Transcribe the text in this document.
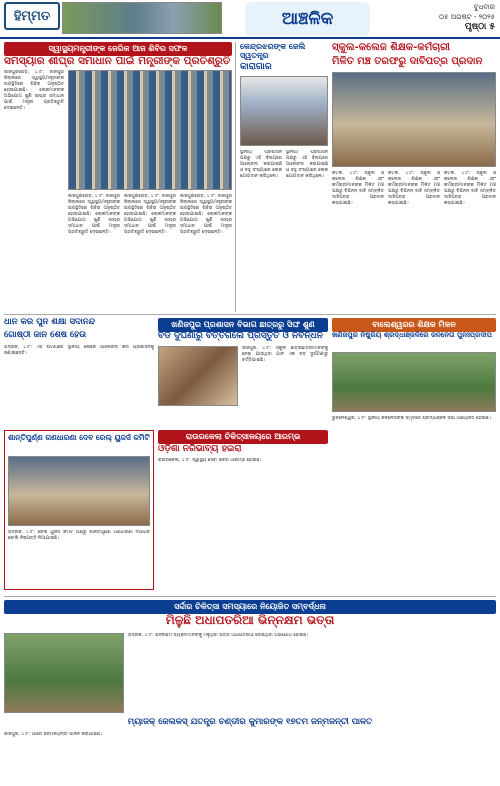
ହିମ୍ମତ	ଆଞ୍ଚଳିକ
ବୁଧବାର
୦୫ ଅଗଷ୍ଟ ‐ ୨୦୨୫
ପୃଷ୍ଠା ୫
ସ୍ୱାସ୍ଥ୍ୟମନ୍ତ୍ରୀଙ୍କ ଜେରିକ ଆଜ ଶିବିର ସଫଳ
ସମସ୍ୟାର ଶୀଘ୍ର ସମାଧାନ ପାଇଁ ମନ୍ତ୍ରୀଙ୍କ ପ୍ରତିଶ୍ରୁତି
ଜାଜପୁରରୋଡ଼, ୪।୮: ଜାଜପୁର ଜିଲ୍ଲାରେ ସ୍ୱାସ୍ଥ୍ୟମନ୍ତ୍ରୀଙ୍କ ଉପସ୍ଥିତିରେ ଶିବିର ଅନୁଷ୍ଠିତ ହୋଇଯାଇଛି। ଲୋକମାନଙ୍କ ଅଭିଯୋଗ ଶୁଣି ଶୀଘ୍ର ସମାଧାନ ପାଇଁ ମନ୍ତ୍ରୀ ପ୍ରତିଶ୍ରୁତି ଦେଇଛନ୍ତି।
ଜାଜପୁରରୋଡ଼, ୪।୮: ଜାଜପୁର ଜିଲ୍ଲାରେ ସ୍ୱାସ୍ଥ୍ୟମନ୍ତ୍ରୀଙ୍କ ଉପସ୍ଥିତିରେ ଶିବିର ଅନୁଷ୍ଠିତ ହୋଇଯାଇଛି। ଲୋକମାନଙ୍କ ଅଭିଯୋଗ ଶୁଣି ଶୀଘ୍ର ସମାଧାନ ପାଇଁ ମନ୍ତ୍ରୀ ପ୍ରତିଶ୍ରୁତି ଦେଇଛନ୍ତି।
ଜାଜପୁରରୋଡ଼, ୪।୮: ଜାଜପୁର ଜିଲ୍ଲାରେ ସ୍ୱାସ୍ଥ୍ୟମନ୍ତ୍ରୀଙ୍କ ଉପସ୍ଥିତିରେ ଶିବିର ଅନୁଷ୍ଠିତ ହୋଇଯାଇଛି। ଲୋକମାନଙ୍କ ଅଭିଯୋଗ ଶୁଣି ଶୀଘ୍ର ସମାଧାନ ପାଇଁ ମନ୍ତ୍ରୀ ପ୍ରତିଶ୍ରୁତି ଦେଇଛନ୍ତି।
ଜାଜପୁରରୋଡ଼, ୪।୮: ଜାଜପୁର ଜିଲ୍ଲାରେ ସ୍ୱାସ୍ଥ୍ୟମନ୍ତ୍ରୀଙ୍କ ଉପସ୍ଥିତିରେ ଶିବିର ଅନୁଷ୍ଠିତ ହୋଇଯାଇଛି। ଲୋକମାନଙ୍କ ଅଭିଯୋଗ ଶୁଣି ଶୀଘ୍ର ସମାଧାନ ପାଇଁ ମନ୍ତ୍ରୀ ପ୍ରତିଶ୍ରୁତି ଦେଇଛନ୍ତି।
କେନ୍ଦ୍ରଝରଙ୍କ ଜେଲି ସ୍ୱତନ୍ତ୍ର
କାରାଗାର
ସ୍ଥାନୀୟ ପ୍ରଶାସନ ପକ୍ଷରୁ ଏହି ବିଷୟରେ ଆଲୋଚନା କରାଯାଇଛି ଓ ବହୁ ସଂଖ୍ୟାରେ ଲୋକ ଯୋଗଦାନ କରିଥିଲେ।
ସ୍ଥାନୀୟ ପ୍ରଶାସନ ପକ୍ଷରୁ ଏହି ବିଷୟରେ ଆଲୋଚନା କରାଯାଇଛି ଓ ବହୁ ସଂଖ୍ୟାରେ ଲୋକ ଯୋଗଦାନ କରିଥିଲେ।
ସ୍କୁଲ-କଲେଜ ଶିକ୍ଷକ-କର୍ମଚାରୀ
ମିଳିତ ମଞ୍ଚ ତରଫରୁ ଦାବିପତ୍ର ପ୍ରଦାନ
କଟକ, ୪।୮: ସ୍କୁଲ ଓ କଲେଜ ଶିକ୍ଷକ ଏବଂ କର୍ମଚାରୀମାନଙ୍କ ମିଳିତ ମଞ୍ଚ ପକ୍ଷରୁ ବିଭିନ୍ନ ଦାବି ସମ୍ବଳିତ ଦାବିପତ୍ର ପ୍ରଦାନ କରାଯାଇଛି।
କଟକ, ୪।୮: ସ୍କୁଲ ଓ କଲେଜ ଶିକ୍ଷକ ଏବଂ କର୍ମଚାରୀମାନଙ୍କ ମିଳିତ ମଞ୍ଚ ପକ୍ଷରୁ ବିଭିନ୍ନ ଦାବି ସମ୍ବଳିତ ଦାବିପତ୍ର ପ୍ରଦାନ କରାଯାଇଛି।
କଟକ, ୪।୮: ସ୍କୁଲ ଓ କଲେଜ ଶିକ୍ଷକ ଏବଂ କର୍ମଚାରୀମାନଙ୍କ ମିଳିତ ମଞ୍ଚ ପକ୍ଷରୁ ବିଭିନ୍ନ ଦାବି ସମ୍ବଳିତ ଦାବିପତ୍ର ପ୍ରଦାନ କରାଯାଇଛି।
ଧାନ କରି ପୁନି ଶିକ୍ଷା ସଦାନନ୍ଦ
ଗୋଷ୍ଠୀ ଜାନ ଶେଷ ହେଉ
ଭଦ୍ରକ, ୪।୮: ଏହି ଘଟଣାରେ ସ୍ଥାନୀୟ ଲୋକେ ଆଲୋଚନା କରି ପ୍ରଶାସନକୁ ଜଣାଇଛନ୍ତି।
ଖଣିଜପୁର ପ୍ରଶାସନ ବିଭାଗ ଛାତ୍ରରୁ ସିଙ୍ଘ ଶୁଣ
ବଡ ଦୁର୍ଘଣାରୁ ବର୍ତ୍ତିଗଲେ ପ୍ରସ୍ତୁତି ଓ ନବନ୍ଧନ
ଜାଜପୁର, ୪।୮: ସ୍କୁଲ ଛାତ୍ରଛାତ୍ରୀମାନଙ୍କୁ ନେଇ ଯାଉଥିବା ଯାନ ଏକ ବଡ଼ ଦୁର୍ଘଟଣାରୁ ବର୍ତ୍ତିଯାଇଛି।
ବାଲେଶ୍ୱରର ଶିକ୍ଷକ ମିଳନ
ଖଣିଜପୁର ନିଷ୍କ୍ରିୟ ଶ୍ରଦ୍ଧାଞ୍ଜଳିରେ ଜନନେତା ପୁନଃପ୍ରଦୀପ
ଭୁବନେଶ୍ୱର, ୪।୮: ସ୍ଥାନୀୟ ଜନନେତାଙ୍କ ସ୍ମୃତିରେ ଶ୍ରଦ୍ଧାଞ୍ଜଳି ସଭା ଆୟୋଜିତ ହୋଇଛି।
ରାଉରକେଲା ଚିକିତ୍ସାଳୟରେ ଆରମ୍ଭ
ଓଡ଼ିଶା ନରିଭାବ୍ୟ ହଇରା
ରାଉରକେଲା, ୪।୮: ସ୍ୱାସ୍ଥ୍ୟ ସେବା ଶିବିର ଆରମ୍ଭ ହୋଇଛି।
ଶାନ୍ତିପୁର୍ଣ୍ଣ ଗଣଧାରଣା ଦେବ ରେଲ୍ ୟୁଜର୍ସ କମିଟି
ଭଦ୍ରକ, ୪।୮: ରେଲ୍ ୟୁଜର୍ସ କମିଟି ପକ୍ଷରୁ ଶାନ୍ତିପୂର୍ଣ୍ଣ ଗଣଧାରଣା ଦିଆଯିବ ବୋଲି ନିଷ୍ପତ୍ତି ନିଆଯାଇଛି।
ସର୍ଦ୍ଦାର ଚିକିତ୍ସା ସମସ୍ୟାରେ ନିୟୋଜିତ ସମ୍ବର୍ଦ୍ଧନା
ମିଳୁଛି ଅଧାପତରିଆ ଭିନ୍ନକ୍ଷମ ଭତ୍ତା
ଭଦ୍ରକ, ୪।୮: ଭିନ୍ନକ୍ଷମ ବ୍ୟକ୍ତିମାନଙ୍କୁ ମିଳୁଥିବା ଭତ୍ତା ଅଧାପତରିଆ ହୋଇଥିବା ଅଭିଯୋଗ ହୋଇଛି।
ମ୍ୟାଜିକ୍ ଜେଲିକସ୍ ଯତନ୍ତ୍ର ଚଣ୍ଡୀର କୁମାରଙ୍କ ୧୭ତମ ଜନ୍ମଜନ୍ତୀ ପାଳିତ
ଜାଜପୁର, ୪।୮: ଗାଁରେ ଜନ୍ମଜୟନ୍ତୀ ପାଳନ କରାଯାଇଛି।
